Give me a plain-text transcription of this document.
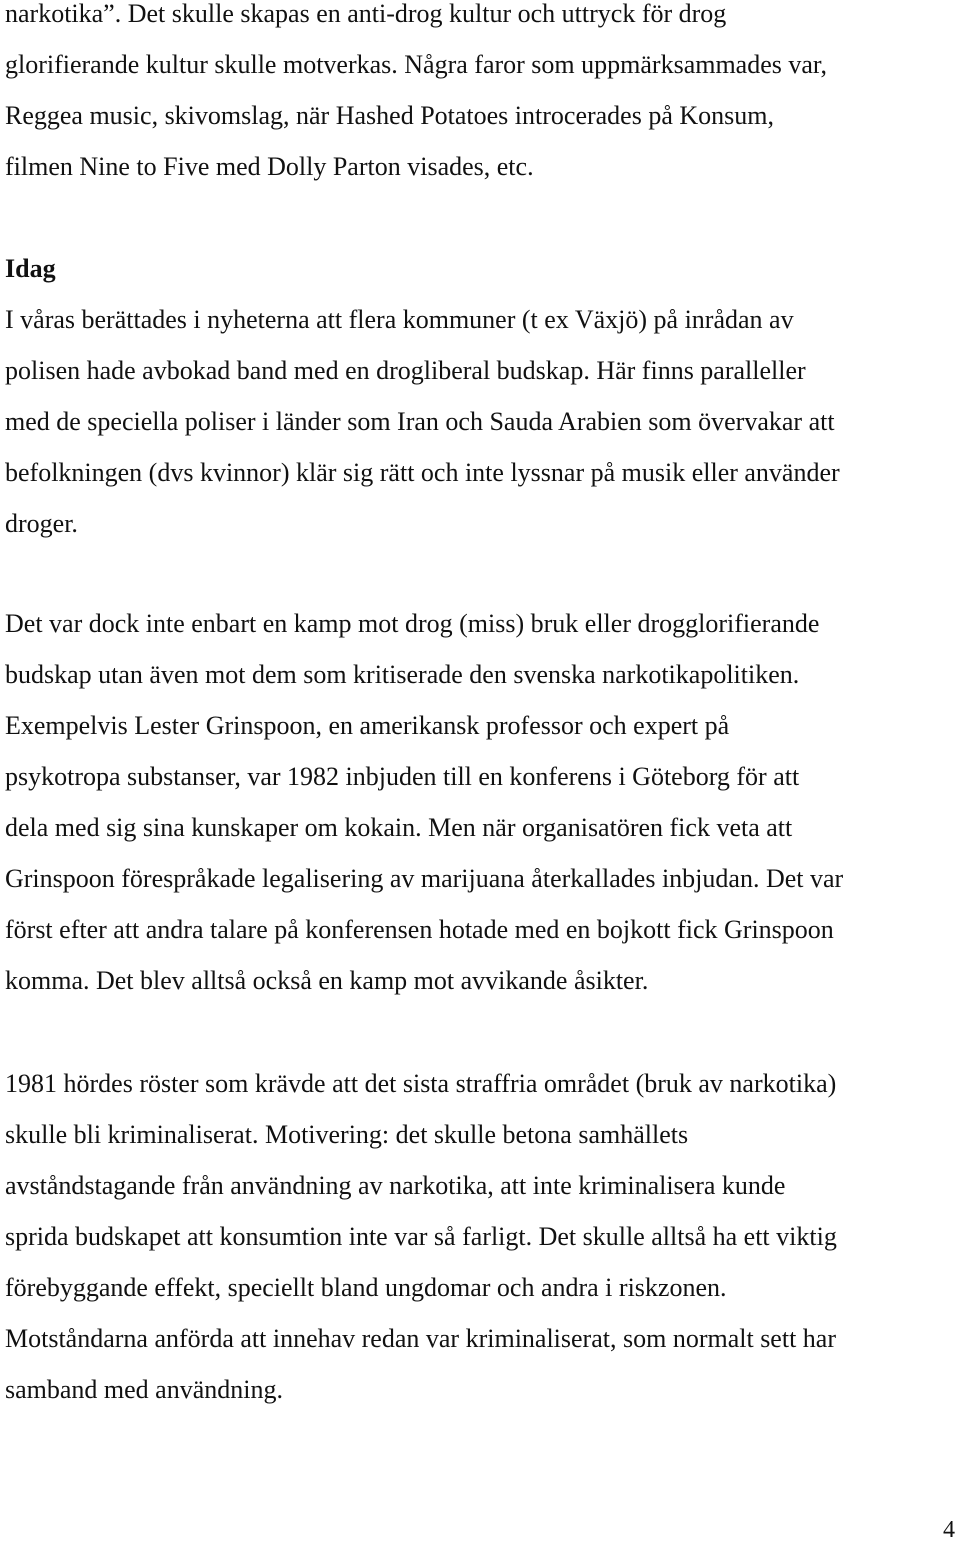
narkotika”. Det skulle skapas en anti-drog kultur och uttryck för drog
glorifierande kultur skulle motverkas. Några faror som uppmärksammades var,
Reggea music, skivomslag, när Hashed Potatoes introcerades på Konsum,
filmen Nine to Five med Dolly Parton visades, etc.

Idag

I våras berättades i nyheterna att flera kommuner (t ex Växjö) på inrådan av
polisen hade avbokad band med en drogliberal budskap. Här finns paralleller
med de speciella poliser i länder som Iran och Sauda Arabien som övervakar att
befolkningen (dvs kvinnor) klär sig rätt och inte lyssnar på musik eller använder
droger.

Det var dock inte enbart en kamp mot drog (miss) bruk eller drogglorifierande
budskap utan även mot dem som kritiserade den svenska narkotikapolitiken.
Exempelvis Lester Grinspoon, en amerikansk professor och expert på
psykotropa substanser, var 1982 inbjuden till en konferens i Göteborg för att
dela med sig sina kunskaper om kokain. Men när organisatören fick veta att
Grinspoon förespråkade legalisering av marijuana återkallades inbjudan. Det var
först efter att andra talare på konferensen hotade med en bojkott fick Grinspoon
komma. Det blev alltså också en kamp mot avvikande åsikter.

1981 hördes röster som krävde att det sista straffria området (bruk av narkotika)
skulle bli kriminaliserat. Motivering: det skulle betona samhällets
avståndstagande från användning av narkotika, att inte kriminalisera kunde
sprida budskapet att konsumtion inte var så farligt. Det skulle alltså ha ett viktig
förebyggande effekt, speciellt bland ungdomar och andra i riskzonen.
Motståndarna anförda att innehav redan var kriminaliserat, som normalt sett har
samband med användning.

4
